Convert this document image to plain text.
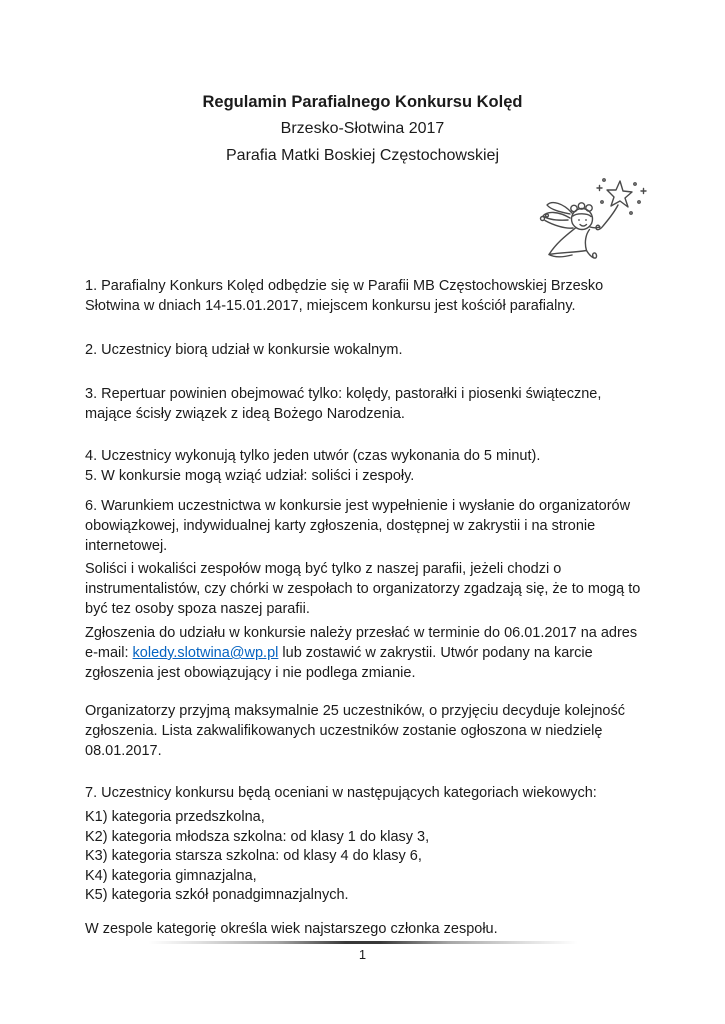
Regulamin Parafialnego Konkursu Kolęd
Brzesko-Słotwina 2017
Parafia Matki Boskiej Częstochowskiej

1. Parafialny Konkurs Kolęd odbędzie się w Parafii MB Częstochowskiej Brzesko Słotwina w dniach 14-15.01.2017, miejscem konkursu jest kościół parafialny.

2. Uczestnicy biorą udział w konkursie wokalnym.

3. Repertuar powinien obejmować tylko: kolędy, pastorałki i piosenki świąteczne, mające ścisły związek z ideą Bożego Narodzenia.

4. Uczestnicy wykonują tylko jeden utwór (czas wykonania do 5 minut).

5. W konkursie mogą wziąć udział: soliści i zespoły.

6. Warunkiem uczestnictwa w konkursie jest wypełnienie i wysłanie do organizatorów obowiązkowej, indywidualnej karty zgłoszenia, dostępnej w zakrystii i na stronie internetowej.

Soliści i wokaliści zespołów mogą być tylko z naszej parafii, jeżeli chodzi o instrumentalistów, czy chórki w zespołach to organizatorzy zgadzają się, że to mogą to być tez osoby spoza naszej parafii.

Zgłoszenia do udziału w konkursie należy przesłać w terminie do 06.01.2017 na adres e-mail: koledy.slotwina@wp.pl lub zostawić w zakrystii. Utwór podany na karcie zgłoszenia jest obowiązujący i nie podlega zmianie.

Organizatorzy przyjmą maksymalnie 25 uczestników, o przyjęciu decyduje kolejność zgłoszenia. Lista zakwalifikowanych uczestników zostanie ogłoszona w niedzielę 08.01.2017.

7. Uczestnicy konkursu będą oceniani w następujących kategoriach wiekowych:

K1) kategoria przedszkolna,

K2) kategoria młodsza szkolna: od klasy 1 do klasy 3,

K3) kategoria starsza szkolna: od klasy 4 do klasy 6,

K4) kategoria gimnazjalna,

K5) kategoria szkół ponadgimnazjalnych.

W zespole kategorię określa wiek najstarszego członka zespołu.

1
